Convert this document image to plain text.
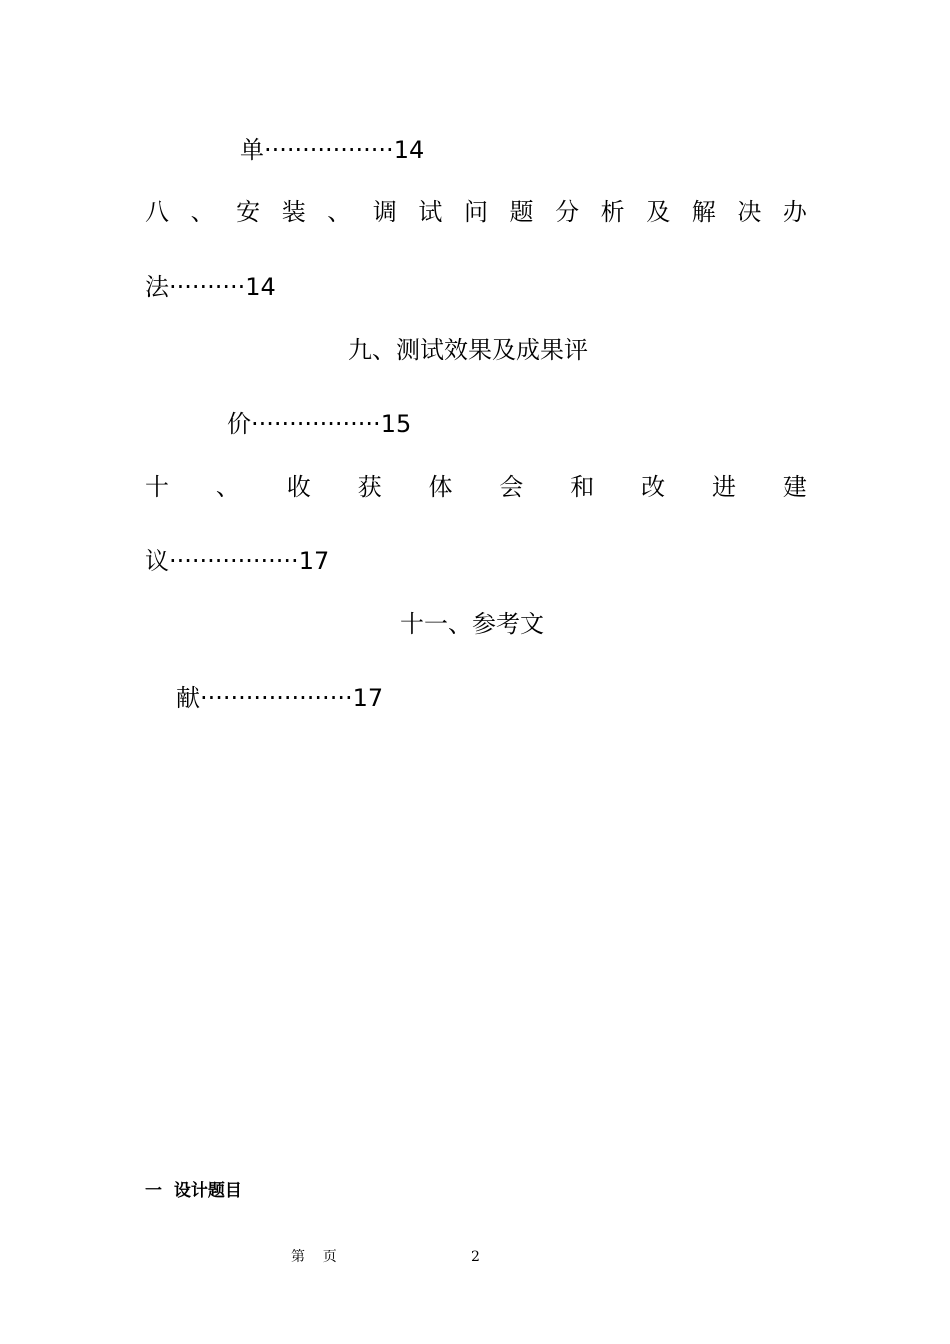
单·················14
八 、 安 装 、 调 试 问 题 分 析 及 解 决 办
法··········14
九、测试效果及成果评
价·················15
十 、 收 获 体 会 和 改 进 建
议·················17
十一、参考文
献····················17
一  设计题目
第    页	2
